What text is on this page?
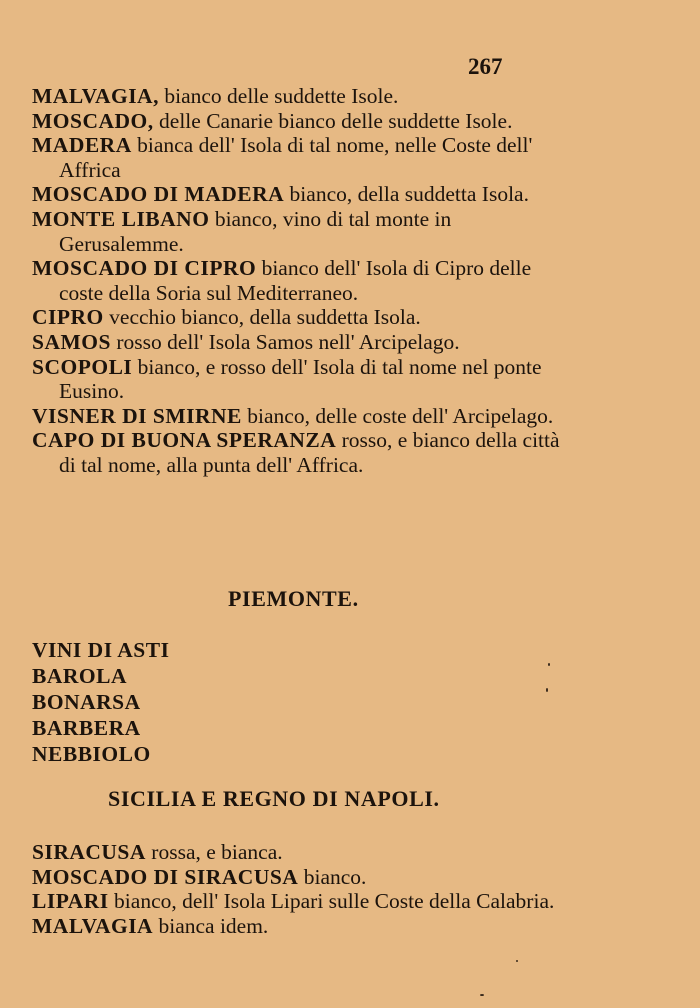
267

MALVAGIA, bianco delle suddette Isole.

MOSCADO, delle Canarie bianco delle suddette Isole.

MADERA bianca dell' Isola di tal nome, nelle Coste dell' Affrica

MOSCADO DI MADERA bianco, della suddetta Isola.

MONTE LIBANO bianco, vino di tal monte in Gerusalemme.

MOSCADO DI CIPRO bianco dell' Isola di Cipro delle coste della Soria sul Mediterraneo.

CIPRO vecchio bianco, della suddetta Isola.

SAMOS rosso dell' Isola Samos nell' Arcipelago.

SCOPOLI bianco, e rosso dell' Isola di tal nome nel ponte Eusino.

VISNER DI SMIRNE bianco, delle coste dell' Arcipelago.

CAPO DI BUONA SPERANZA rosso, e bianco della città di tal nome, alla punta dell' Affrica.

PIEMONTE.
VINI DI ASTI
BAROLA
BONARSA
BARBERA
NEBBIOLO
SICILIA E REGNO DI NAPOLI.

SIRACUSA rossa, e bianca.

MOSCADO DI SIRACUSA bianco.

LIPARI bianco, dell' Isola Lipari sulle Coste della Calabria.

MALVAGIA bianca idem.
